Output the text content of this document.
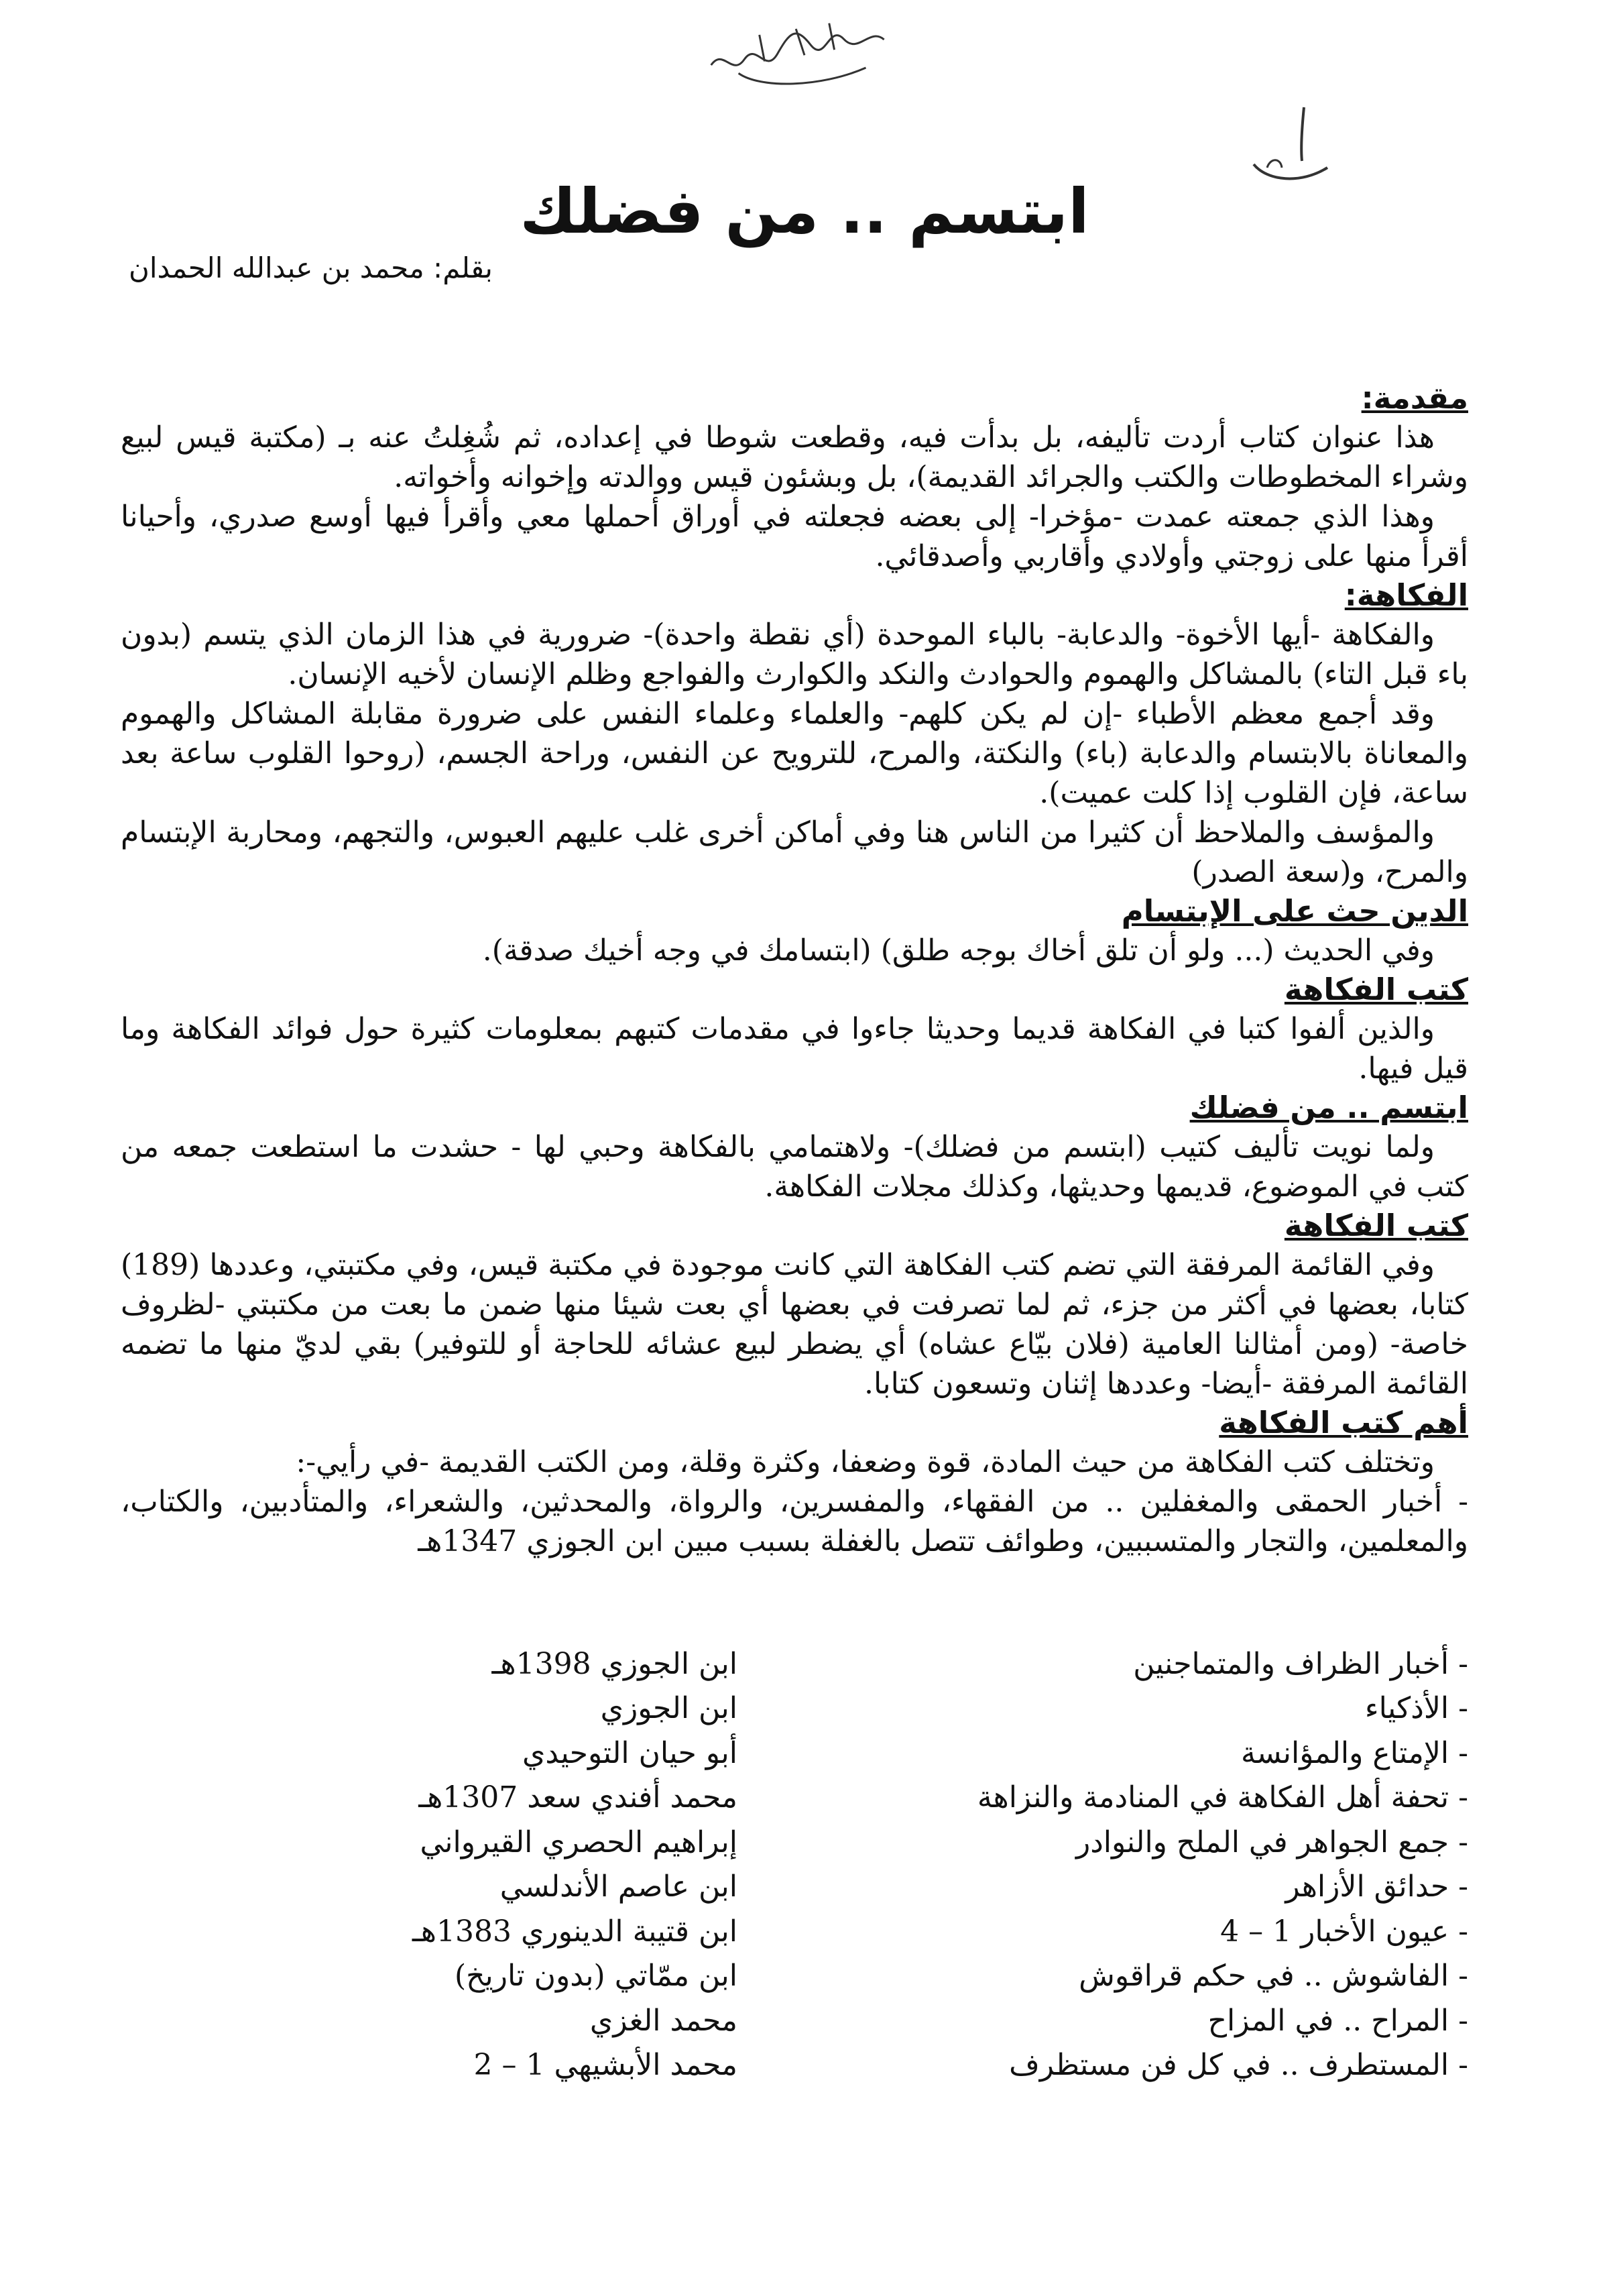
ابتسم .. من فضلك
بقلم: محمد بن عبدالله الحمدان

مقدمة:

هذا عنوان كتاب أردت تأليفه، بل بدأت فيه، وقطعت شوطا في إعداده، ثم شُغِلتُ عنه بـ (مكتبة قيس لبيع وشراء المخطوطات والكتب والجرائد القديمة)، بل وبشئون قيس ووالدته وإخوانه وأخواته.

وهذا الذي جمعته عمدت -مؤخرا- إلى بعضه فجعلته في أوراق أحملها معي وأقرأ فيها أوسع صدري، وأحيانا أقرأ منها على زوجتي وأولادي وأقاربي وأصدقائي.

الفكاهة:

والفكاهة -أيها الأخوة- والدعابة- بالباء الموحدة (أي نقطة واحدة)- ضرورية في هذا الزمان الذي يتسم (بدون باء قبل التاء) بالمشاكل والهموم والحوادث والنكد والكوارث والفواجع وظلم الإنسان لأخيه الإنسان.

وقد أجمع معظم الأطباء -إن لم يكن كلهم- والعلماء وعلماء النفس على ضرورة مقابلة المشاكل والهموم والمعاناة بالابتسام والدعابة (باء) والنكتة، والمرح، للترويح عن النفس، وراحة الجسم، (روحوا القلوب ساعة بعد ساعة، فإن القلوب إذا كلت عميت).

والمؤسف والملاحظ أن كثيرا من الناس هنا وفي أماكن أخرى غلب عليهم العبوس، والتجهم، ومحاربة الإبتسام والمرح، و(سعة الصدر)

الدين حث على الإبتسام

وفي الحديث (... ولو أن تلق أخاك بوجه طلق) (ابتسامك في وجه أخيك صدقة).

كتب الفكاهة

والذين ألفوا كتبا في الفكاهة قديما وحديثا جاءوا في مقدمات كتبهم بمعلومات كثيرة حول فوائد الفكاهة وما قيل فيها.

ابتسم .. من فضلك

ولما نويت تأليف كتيب (ابتسم من فضلك)- ولاهتمامي بالفكاهة وحبي لها - حشدت ما استطعت جمعه من كتب في الموضوع، قديمها وحديثها، وكذلك مجلات الفكاهة.

كتب الفكاهة

وفي القائمة المرفقة التي تضم كتب الفكاهة التي كانت موجودة في مكتبة قيس، وفي مكتبتي، وعددها (189) كتابا، بعضها في أكثر من جزء، ثم لما تصرفت في بعضها أي بعت شيئا منها ضمن ما بعت من مكتبتي -لظروف خاصة- (ومن أمثالنا العامية (فلان بيّاع عشاه) أي يضطر لبيع عشائه للحاجة أو للتوفير) بقي لديّ منها ما تضمه القائمة المرفقة -أيضا- وعددها إثنان وتسعون كتابا.

أهم كتب الفكاهة

وتختلف كتب الفكاهة من حيث المادة، قوة وضعفا، وكثرة وقلة، ومن الكتب القديمة -في رأيي-:

- أخبار الحمقى والمغفلين .. من الفقهاء، والمفسرين، والرواة، والمحدثين، والشعراء، والمتأدبين، والكتاب، والمعلمين، والتجار والمتسببين، وطوائف تتصل بالغفلة بسبب مبين ابن الجوزي 1347هـ

- أخبار الظراف والمتماجنين
ابن الجوزي 1398هـ
- الأذكياء
ابن الجوزي
- الإمتاع والمؤانسة
أبو حيان التوحيدي
- تحفة أهل الفكاهة في المنادمة والنزاهة
محمد أفندي سعد 1307هـ
- جمع الجواهر في الملح والنوادر
إبراهيم الحصري القيرواني
- حدائق الأزاهر
ابن عاصم الأندلسي
- عيون الأخبار 1 – 4
ابن قتيبة الدينوري 1383هـ
- الفاشوش .. في حكم قراقوش
ابن ممّاتي (بدون تاريخ)
- المراح .. في المزاح
محمد الغزي
- المستطرف .. في كل فن مستظرف
محمد الأبشيهي 1 – 2
